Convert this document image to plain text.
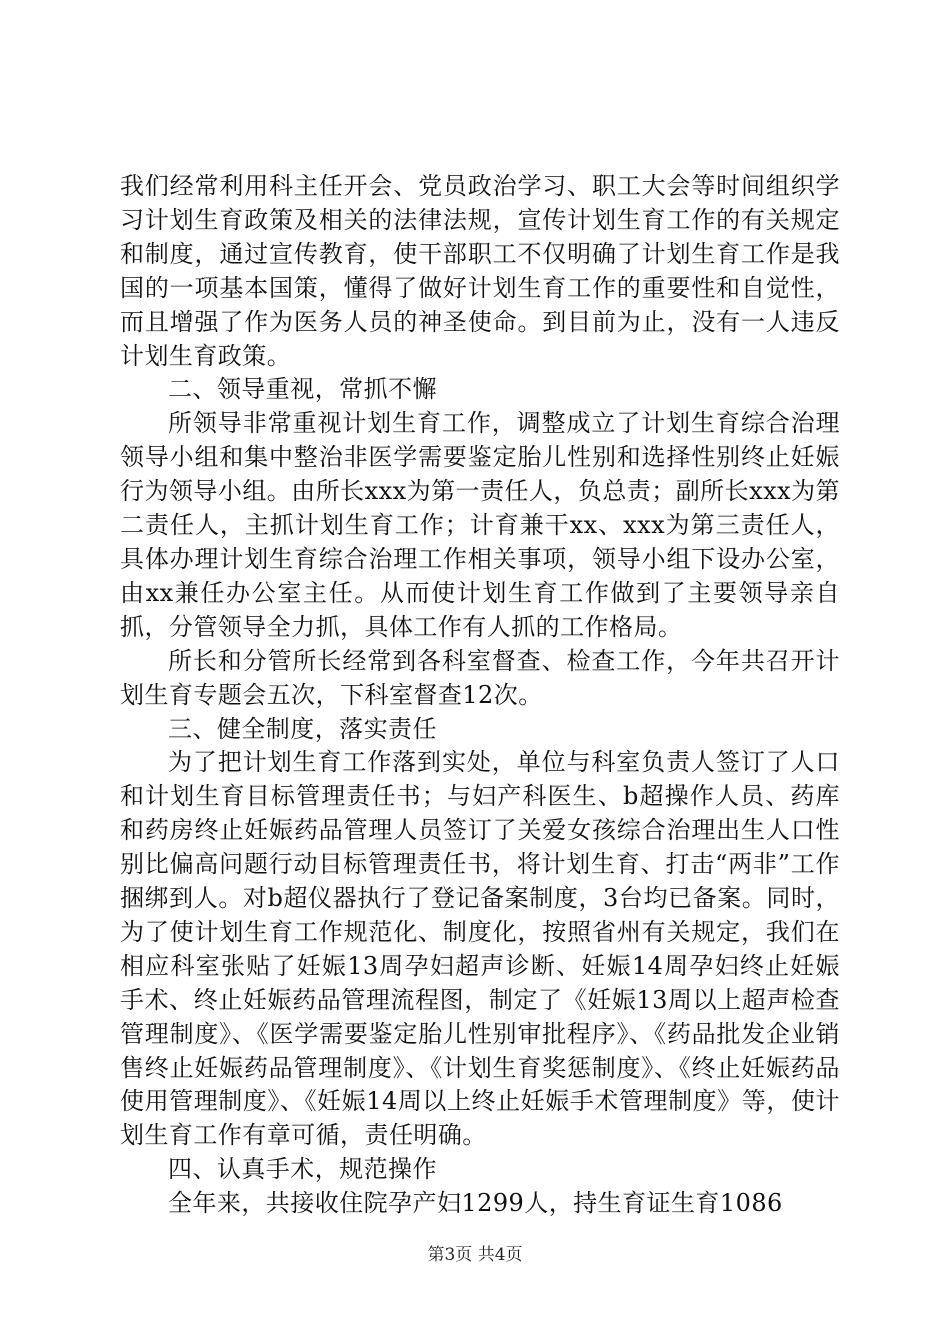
我们经常利用科主任开会、党员政治学习、职工大会等时间组织学习计划生育政策及相关的法律法规，宣传计划生育工作的有关规定和制度，通过宣传教育，使干部职工不仅明确了计划生育工作是我国的一项基本国策，懂得了做好计划生育工作的重要性和自觉性，而且增强了作为医务人员的神圣使命。到目前为止，没有一人违反计划生育政策。

二、领导重视，常抓不懈

所领导非常重视计划生育工作，调整成立了计划生育综合治理领导小组和集中整治非医学需要鉴定胎儿性别和选择性别终止妊娠行为领导小组。由所长xxx为第一责任人，负总责；副所长xxx为第二责任人，主抓计划生育工作；计育兼干xx、xxx为第三责任人，具体办理计划生育综合治理工作相关事项，领导小组下设办公室，由xx兼任办公室主任。从而使计划生育工作做到了主要领导亲自抓，分管领导全力抓，具体工作有人抓的工作格局。

所长和分管所长经常到各科室督查、检查工作，今年共召开计划生育专题会五次，下科室督查12次。

三、健全制度，落实责任

为了把计划生育工作落到实处，单位与科室负责人签订了人口和计划生育目标管理责任书；与妇产科医生、b超操作人员、药库和药房终止妊娠药品管理人员签订了关爱女孩综合治理出生人口性别比偏高问题行动目标管理责任书，将计划生育、打击“两非”工作捆绑到人。对b超仪器执行了登记备案制度，3台均已备案。同时，为了使计划生育工作规范化、制度化，按照省州有关规定，我们在相应科室张贴了妊娠13周孕妇超声诊断、妊娠14周孕妇终止妊娠手术、终止妊娠药品管理流程图，制定了《妊娠13周以上超声检查管理制度》、《医学需要鉴定胎儿性别审批程序》、《药品批发企业销售终止妊娠药品管理制度》、《计划生育奖惩制度》、《终止妊娠药品使用管理制度》、《妊娠14周以上终止妊娠手术管理制度》等，使计划生育工作有章可循，责任明确。

四、认真手术，规范操作

全年来，共接收住院孕产妇1299人，持生育证生育1086

第3页 共4页
